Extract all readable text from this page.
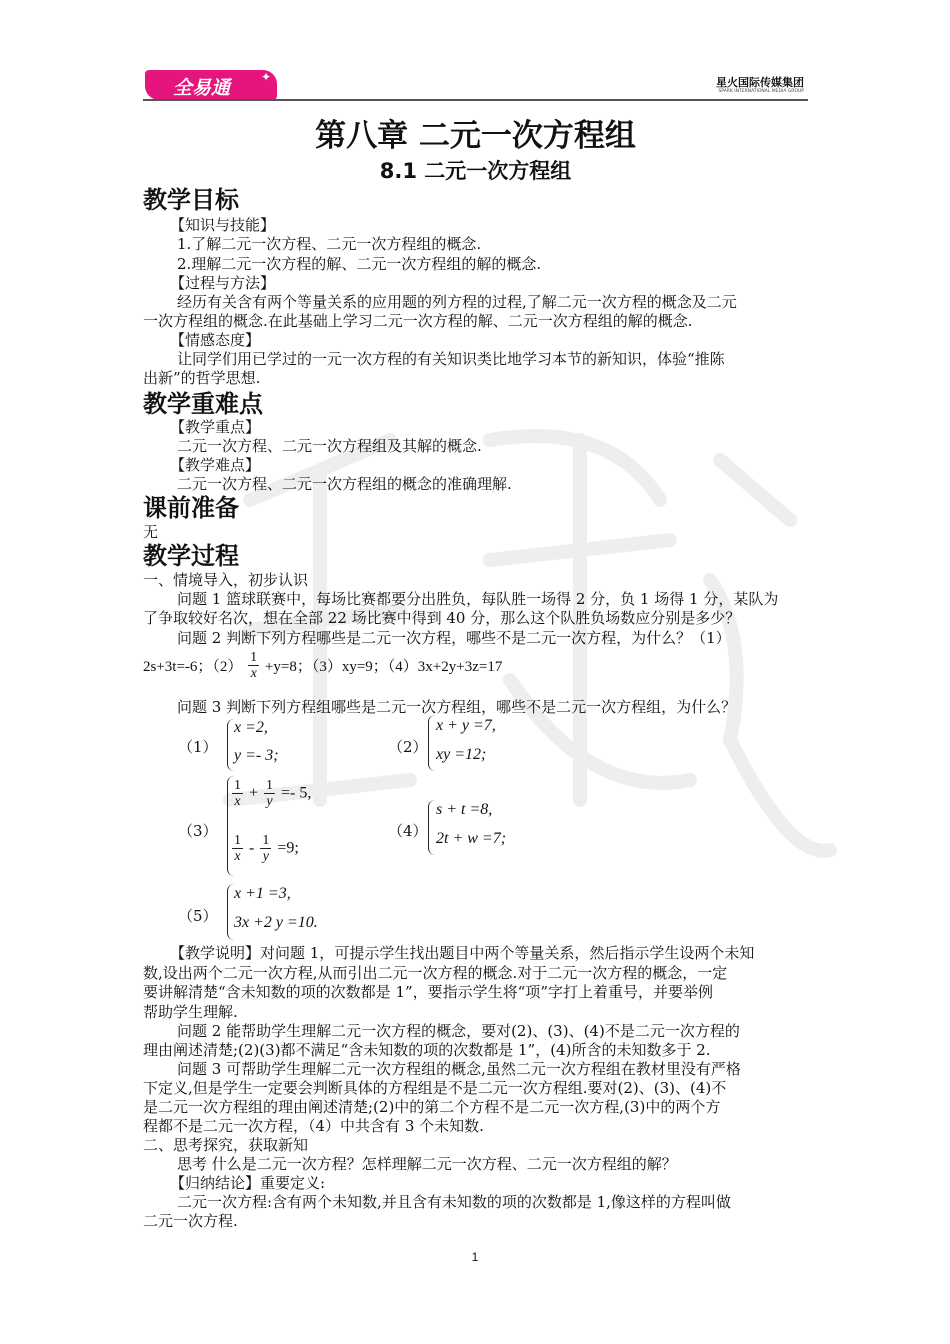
全易通	✦	星火国际传媒集团
SPARK INTERNATIONAL MEDIA GROUP
第八章 二元一次方程组
8.1 二元一次方程组
教学目标
【知识与技能】
1.了解二元一次方程、二元一次方程组的概念.
2.理解二元一次方程的解、二元一次方程组的解的概念.
【过程与方法】
经历有关含有两个等量关系的应用题的列方程的过程,了解二元一次方程的概念及二元
一次方程组的概念.在此基础上学习二元一次方程的解、二元一次方程组的解的概念.
【情感态度】
让同学们用已学过的一元一次方程的有关知识类比地学习本节的新知识，体验“推陈
出新”的哲学思想.
教学重难点
【教学重点】
二元一次方程、二元一次方程组及其解的概念.
【教学难点】
二元一次方程、二元一次方程组的概念的准确理解.
课前准备
无
教学过程
一、情境导入，初步认识
问题 1 篮球联赛中，每场比赛都要分出胜负，每队胜一场得 2 分，负 1 场得 1 分，某队为
了争取较好名次，想在全部 22 场比赛中得到 40 分，那么这个队胜负场数应分别是多少？
问题 2 判断下列方程哪些是二元一次方程，哪些不是二元一次方程，为什么？（1）
2s+3t=-6；$(2) \frac{1}{x} +y=8$；（3）xy=9；（4）3x+2y+3z=17
问题 3 判断下列方程组哪些是二元一次方程组，哪些不是二元一次方程组，为什么？
（1）
x =2,
y =- 3;	（2）
x + y =7,
xy =12;
（3）
$\frac{1}{x} + \frac{1}{y} =- 5$,
$\frac{1}{x} - \frac{1}{y} =9$;
（4）
s + t =8,
2t + w =7;
（5）
x +1 =3,
3x +2 y =10.
【教学说明】对问题 1，可提示学生找出题目中两个等量关系，然后指示学生设两个未知
数,设出两个二元一次方程,从而引出二元一次方程的概念.对于二元一次方程的概念，一定
要讲解清楚“含未知数的项的次数都是 1”，要指示学生将“项”字打上着重号，并要举例
帮助学生理解.
问题 2 能帮助学生理解二元一次方程的概念，要对(2)、(3)、(4)不是二元一次方程的
理由阐述清楚;(2)(3)都不满足“含未知数的项的次数都是 1”，(4)所含的未知数多于 2.
问题 3 可帮助学生理解二元一次方程组的概念,虽然二元一次方程组在教材里没有严格
下定义,但是学生一定要会判断具体的方程组是不是二元一次方程组.要对(2)、(3)、(4)不
是二元一次方程组的理由阐述清楚;(2)中的第二个方程不是二元一次方程,(3)中的两个方
程都不是二元一次方程，（4）中共含有 3 个未知数.
二、思考探究，获取新知
思考 什么是二元一次方程？怎样理解二元一次方程、二元一次方程组的解？
【归纳结论】重要定义:
二元一次方程:含有两个未知数,并且含有未知数的项的次数都是 1,像这样的方程叫做
二元一次方程.
1
